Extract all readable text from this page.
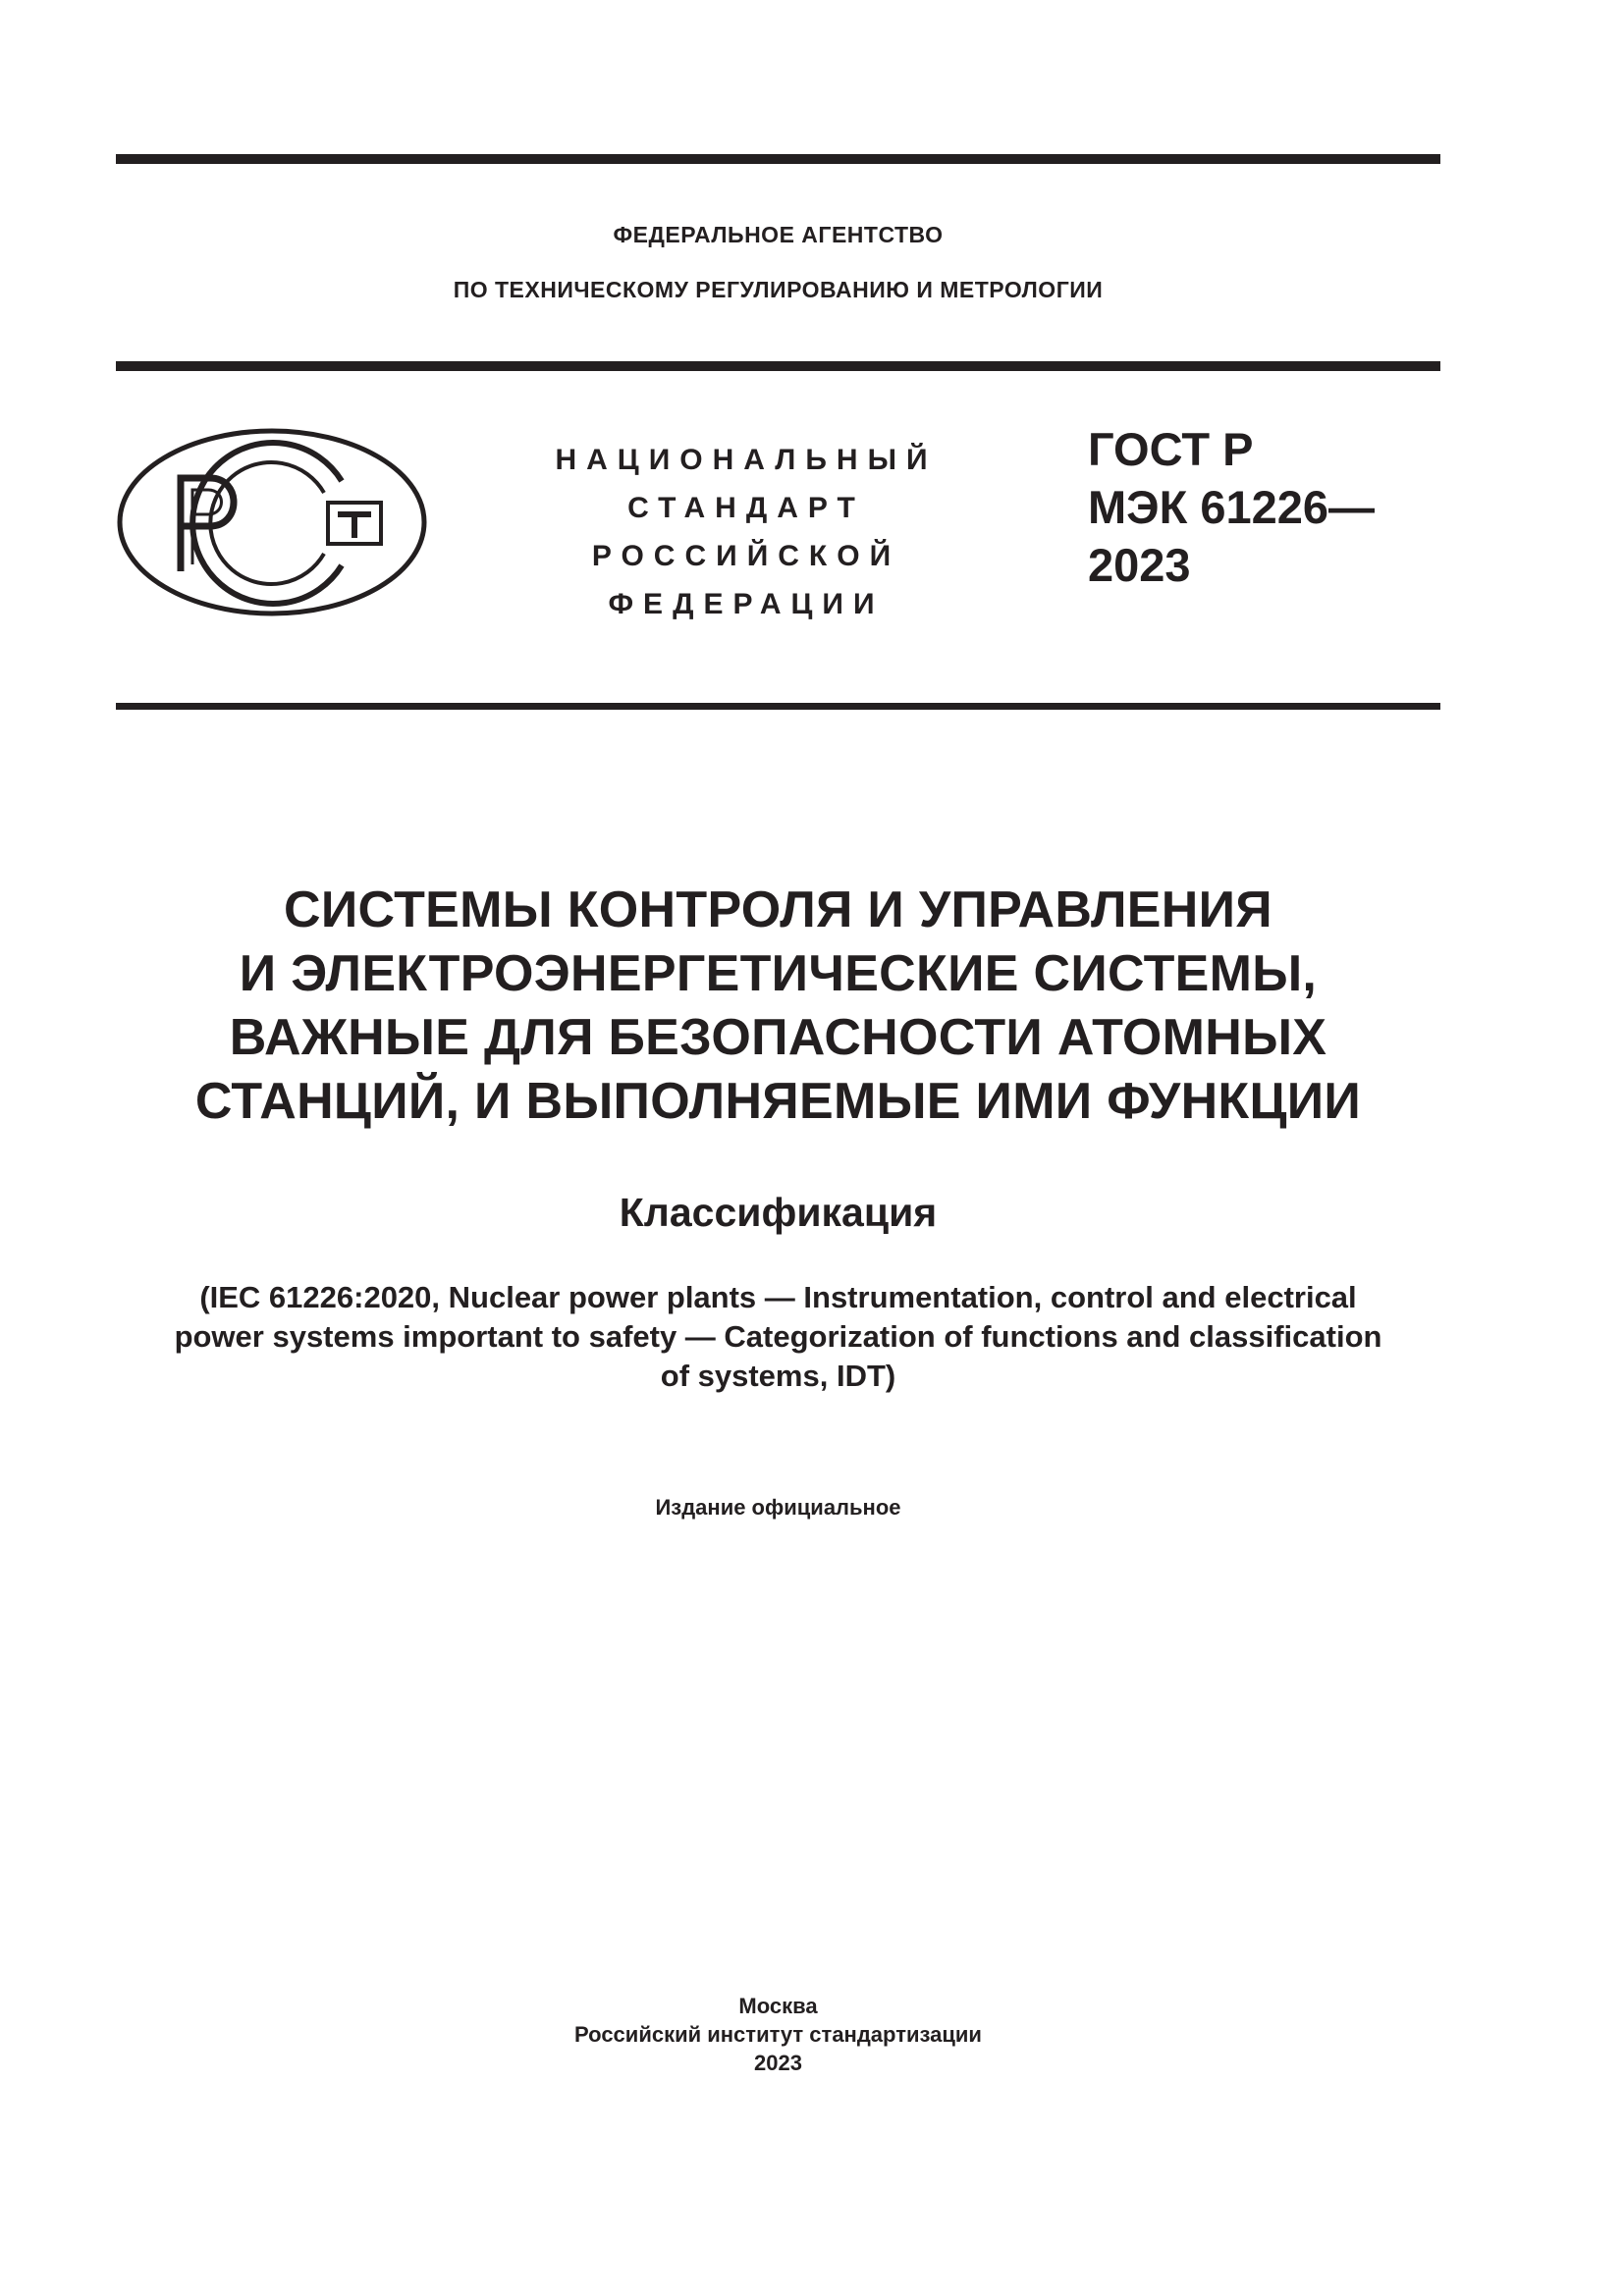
ФЕДЕРАЛЬНОЕ АГЕНТСТВО
ПО ТЕХНИЧЕСКОМУ РЕГУЛИРОВАНИЮ И МЕТРОЛОГИИ
НАЦИОНАЛЬНЫЙ
СТАНДАРТ
РОССИЙСКОЙ
ФЕДЕРАЦИИ
ГОСТ Р
МЭК 61226—
2023
СИСТЕМЫ КОНТРОЛЯ И УПРАВЛЕНИЯ
И ЭЛЕКТРОЭНЕРГЕТИЧЕСКИЕ СИСТЕМЫ,
ВАЖНЫЕ ДЛЯ БЕЗОПАСНОСТИ АТОМНЫХ
СТАНЦИЙ, И ВЫПОЛНЯЕМЫЕ ИМИ ФУНКЦИИ
Классификация
(IEC 61226:2020, Nuclear power plants — Instrumentation, control and electrical
power systems important to safety — Categorization of functions and classification
of systems, IDT)
Издание официальное
Москва
Российский институт стандартизации
2023
